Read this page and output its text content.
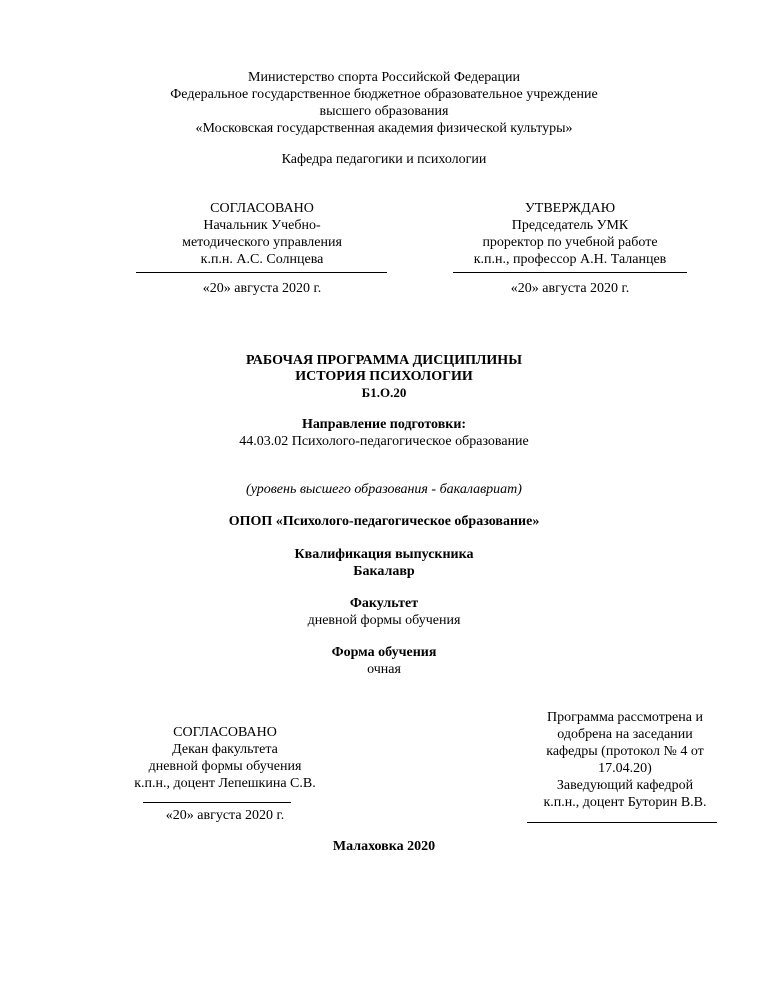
Министерство спорта Российской Федерации
Федеральное государственное бюджетное образовательное учреждение
высшего образования
«Московская государственная академия физической культуры»
Кафедра педагогики и психологии
СОГЛАСОВАНО
Начальник Учебно-
методического управления
к.п.н. А.С. Солнцева
«20» августа 2020 г.
УТВЕРЖДАЮ
Председатель УМК
проректор по учебной работе
к.п.н., профессор А.Н. Таланцев
«20» августа 2020 г.
РАБОЧАЯ ПРОГРАММА ДИСЦИПЛИНЫ
ИСТОРИЯ ПСИХОЛОГИИ
Б1.О.20
Направление подготовки:
44.03.02 Психолого-педагогическое образование
(уровень высшего образования - бакалавриат)
ОПОП «Психолого-педагогическое образование»
Квалификация выпускника
Бакалавр
Факультет
дневной формы обучения
Форма обучения
очная
СОГЛАСОВАНО
Декан факультета
дневной формы обучения
к.п.н., доцент Лепешкина С.В.
«20» августа 2020 г.
Программа рассмотрена и
одобрена на заседании
кафедры (протокол № 4 от
17.04.20)
Заведующий кафедрой
к.п.н., доцент Буторин В.В.
Малаховка 2020
